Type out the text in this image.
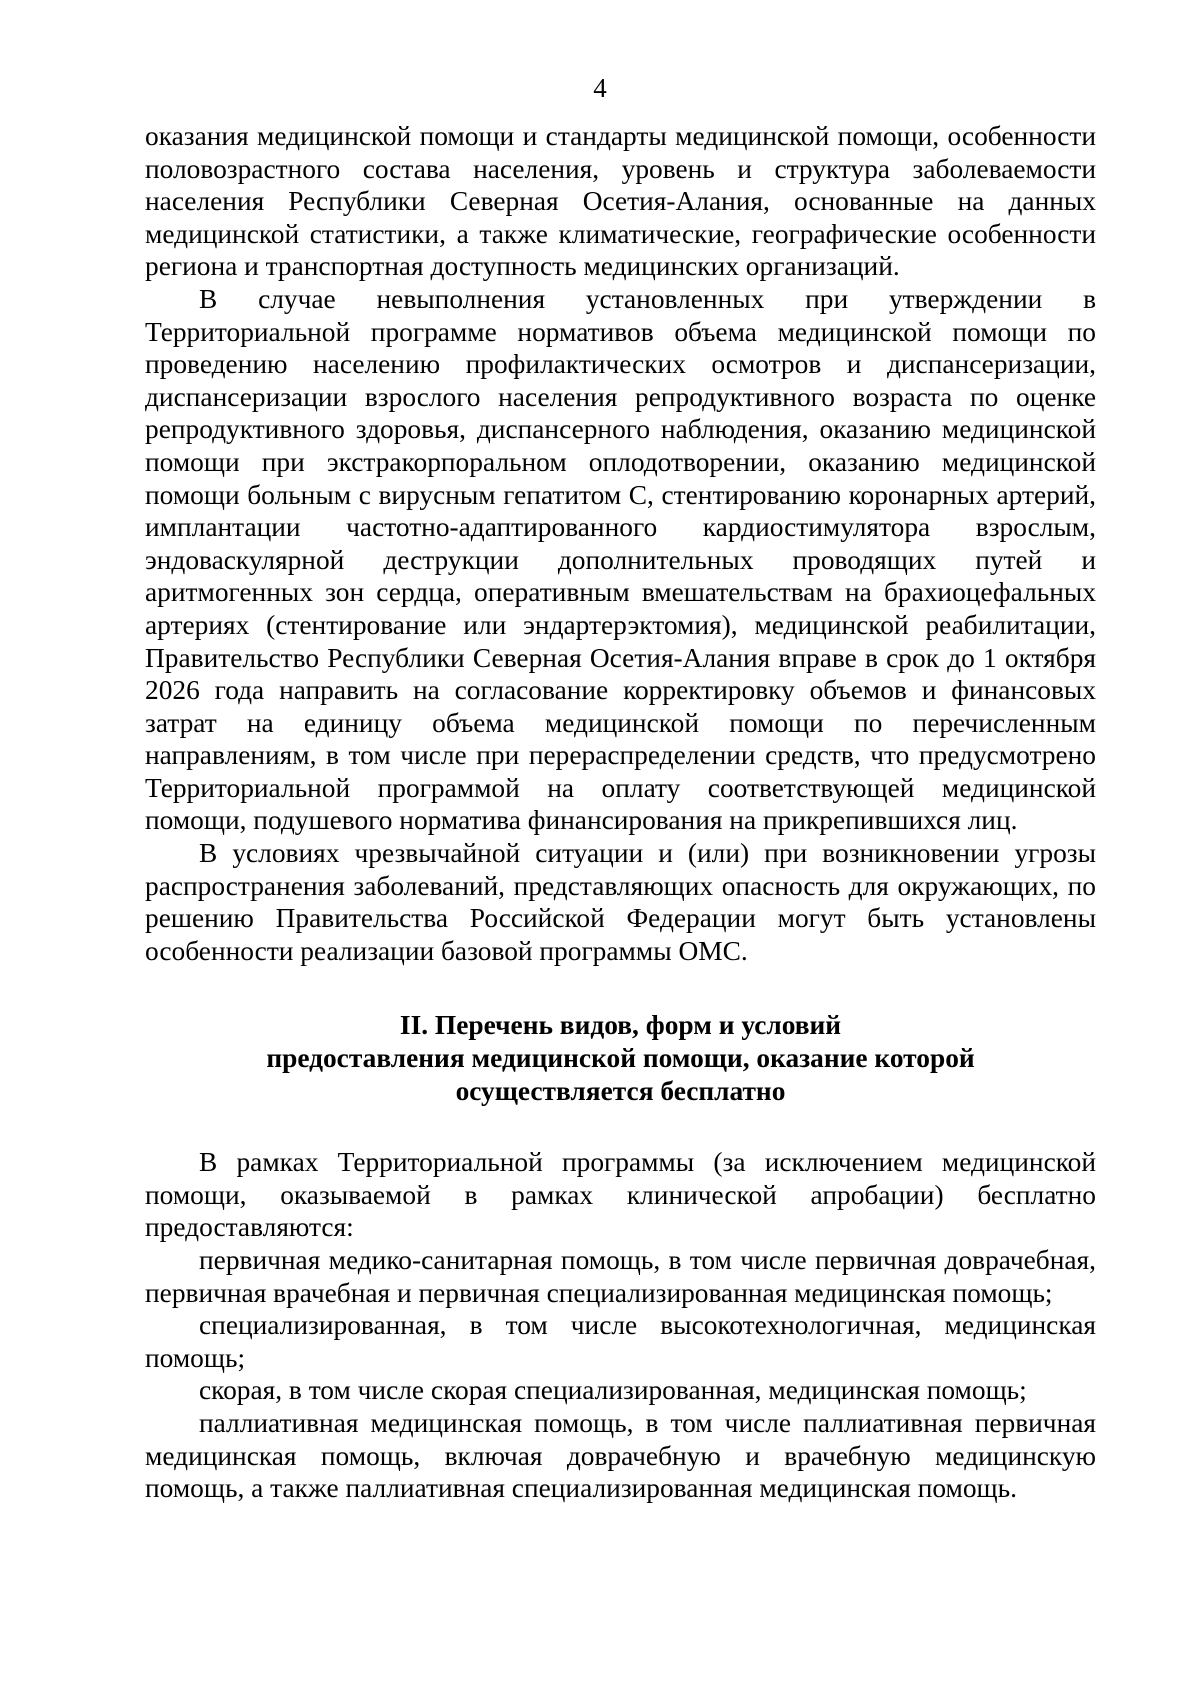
4

оказания медицинской помощи и стандарты медицинской помощи, особенности половозрастного состава населения, уровень и структура заболеваемости населения Республики Северная Осетия-Алания, основанные на данных медицинской статистики, а также климатические, географические особенности региона и транспортная доступность медицинских организаций.

В случае невыполнения установленных при утверждении в Территориальной программе нормативов объема медицинской помощи по проведению населению профилактических осмотров и диспансеризации, диспансеризации взрослого населения репродуктивного возраста по оценке репродуктивного здоровья, диспансерного наблюдения, оказанию медицинской помощи при экстракорпоральном оплодотворении, оказанию медицинской помощи больным с вирусным гепатитом С, стентированию коронарных артерий, имплантации частотно-адаптированного кардиостимулятора взрослым, эндоваскулярной деструкции дополнительных проводящих путей и аритмогенных зон сердца, оперативным вмешательствам на брахиоцефальных артериях (стентирование или эндартерэктомия), медицинской реабилитации, Правительство Республики Северная Осетия-Алания вправе в срок до 1 октября 2026 года направить на согласование корректировку объемов и финансовых затрат на единицу объема медицинской помощи по перечисленным направлениям, в том числе при перераспределении средств, что предусмотрено Территориальной программой на оплату соответствующей медицинской помощи, подушевого норматива финансирования на прикрепившихся лиц.

В условиях чрезвычайной ситуации и (или) при возникновении угрозы распространения заболеваний, представляющих опасность для окружающих, по решению Правительства Российской Федерации могут быть установлены особенности реализации базовой программы ОМС.

II. Перечень видов, форм и условий
предоставления медицинской помощи, оказание которой
осуществляется бесплатно

В рамках Территориальной программы (за исключением медицинской помощи, оказываемой в рамках клинической апробации) бесплатно предоставляются:

первичная медико-санитарная помощь, в том числе первичная доврачебная, первичная врачебная и первичная специализированная медицинская помощь;

специализированная, в том числе высокотехнологичная, медицинская помощь;

скорая, в том числе скорая специализированная, медицинская помощь;

паллиативная медицинская помощь, в том числе паллиативная первичная медицинская помощь, включая доврачебную и врачебную медицинскую помощь, а также паллиативная специализированная медицинская помощь.
